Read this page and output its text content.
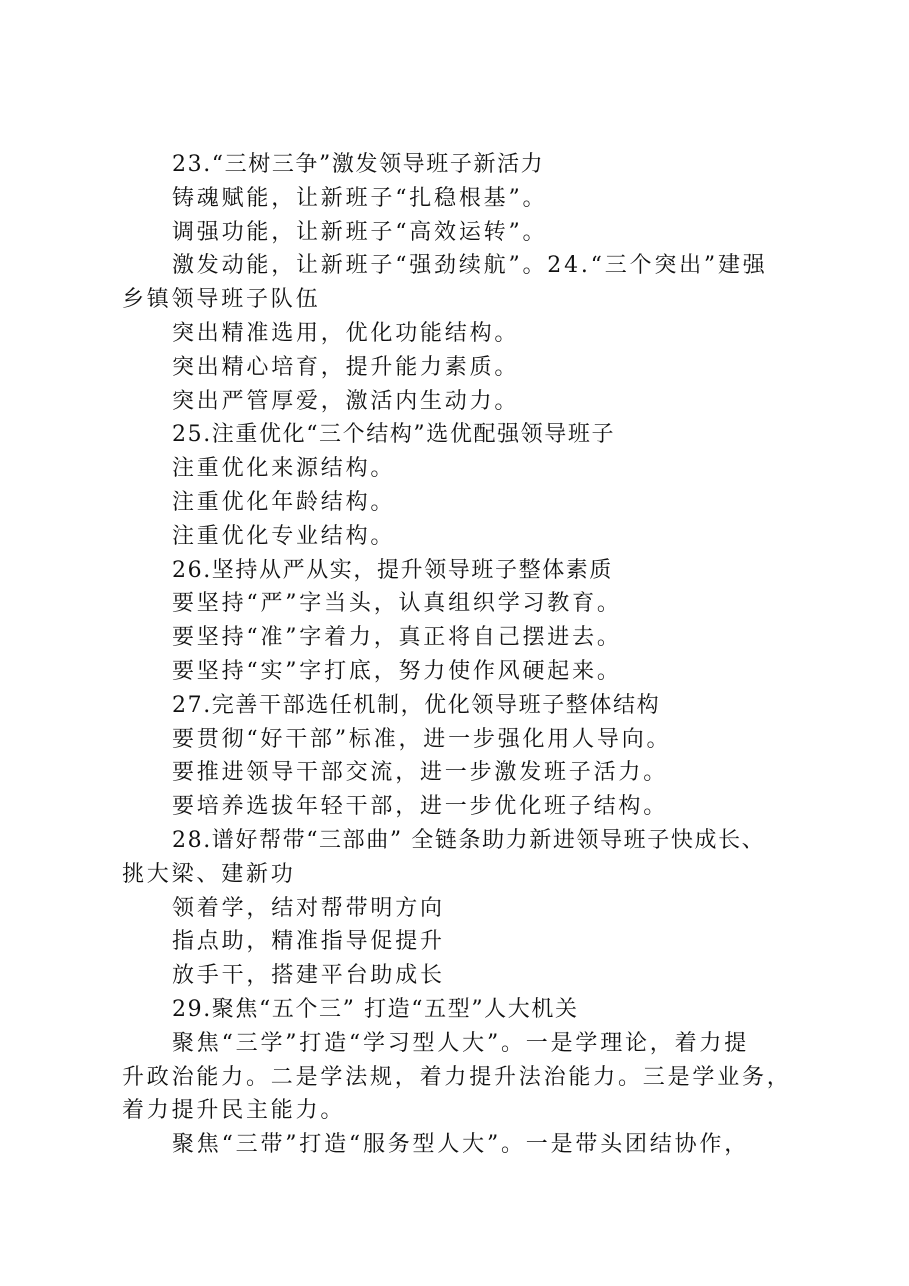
23.“三树三争”激发领导班子新活力
铸魂赋能，让新班子“扎稳根基”。
调强功能，让新班子“高效运转”。
激发动能，让新班子“强劲续航”。24.“三个突出”建强
乡镇领导班子队伍
突出精准选用，优化功能结构。
突出精心培育，提升能力素质。
突出严管厚爱，激活内生动力。
25.注重优化“三个结构”选优配强领导班子
注重优化来源结构。
注重优化年龄结构。
注重优化专业结构。
26.坚持从严从实，提升领导班子整体素质
要坚持“严”字当头，认真组织学习教育。
要坚持“准”字着力，真正将自己摆进去。
要坚持“实”字打底，努力使作风硬起来。
27.完善干部选任机制，优化领导班子整体结构
要贯彻“好干部”标准，进一步强化用人导向。
要推进领导干部交流，进一步激发班子活力。
要培养选拔年轻干部，进一步优化班子结构。
28.谱好帮带“三部曲” 全链条助力新进领导班子快成长、
挑大梁、建新功
领着学，结对帮带明方向
指点助，精准指导促提升
放手干，搭建平台助成长
29.聚焦“五个三” 打造“五型”人大机关
聚焦“三学”打造“学习型人大”。一是学理论，着力提
升政治能力。二是学法规，着力提升法治能力。三是学业务，
着力提升民主能力。
聚焦“三带”打造“服务型人大”。一是带头团结协作，
